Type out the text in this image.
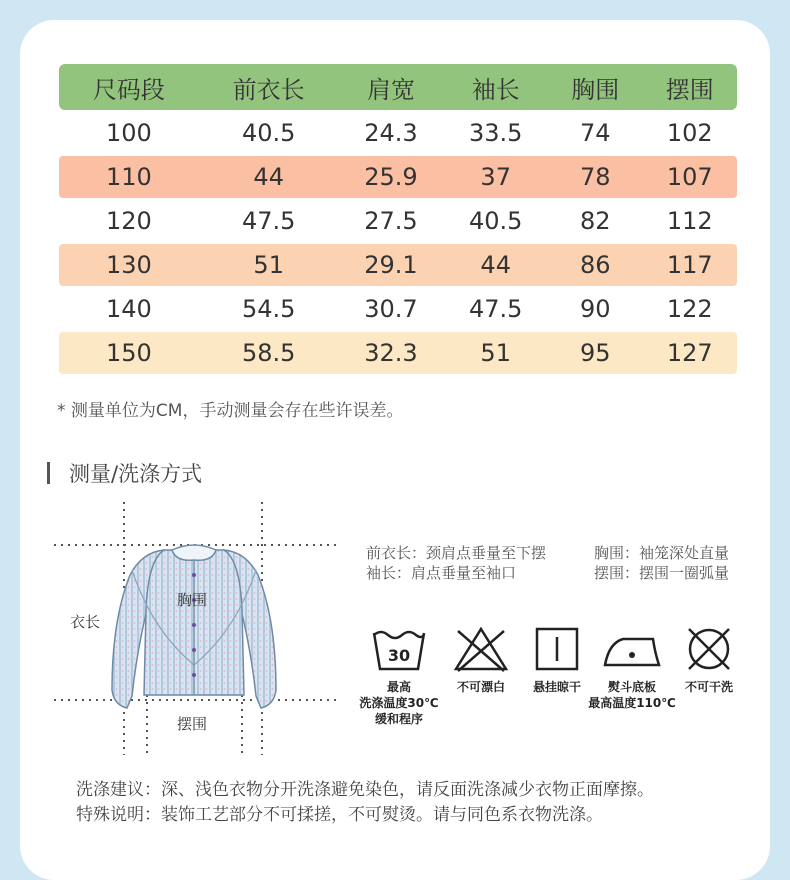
尺码段	前衣长	肩宽	袖长	胸围	摆围
100	40.5	24.3	33.5	74	102
110	44	25.9	37	78	107
120	47.5	27.5	40.5	82	112
130	51	29.1	44	86	117
140	54.5	30.7	47.5	90	122
150	58.5	32.3	51	95	127
* 测量单位为CM，手动测量会存在些许误差。
测量/洗涤方式
胸围
衣长
摆围
前衣长：颈肩点垂量至下摆	胸围：袖笼深处直量
袖长：肩点垂量至袖口	摆围：摆围一圈弧量
30
最高
洗涤温度30℃
缓和程序
不可漂白	悬挂晾干	熨斗底板
最高温度110℃
不可干洗
洗涤建议：深、浅色衣物分开洗涤避免染色，请反面洗涤减少衣物正面摩擦。
特殊说明：装饰工艺部分不可揉搓，不可熨烫。请与同色系衣物洗涤。
